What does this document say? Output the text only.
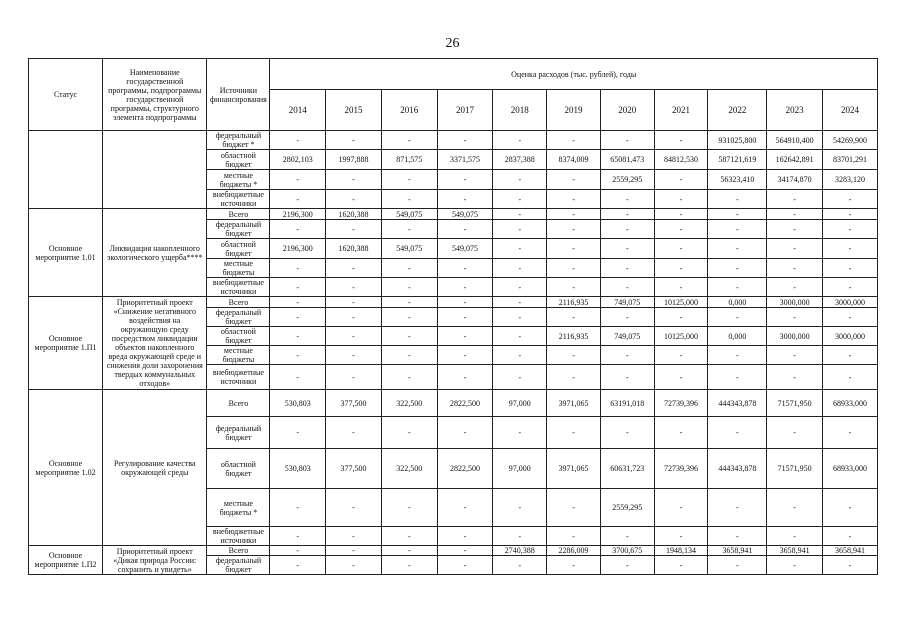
26
Статус	Наименование государственной программы, подпрограммы государственной программы, структурного элемента подпрограммы	Источники финансирования	Оценка расходов (тыс. рублей), годы										
			2014	2015	2016	2017	2018	2019	2020	2021	2022	2023	2024
		федеральный бюджет *	-	-	-	-	-	-	-	-	931025,800	564910,400	54269,900
		областной бюджет	2802,103	1997,888	871,575	3371,575	2837,388	8374,009	65081,473	84812,530	587121,619	162642,891	83701,291
		местные бюджеты *	-	-	-	-	-	-	2559,295	-	56323,410	34174,870	3283,120
		внебюджетные источники	-	-	-	-	-	-	-	-	-	-	-
Основное мероприятие 1.01	Ликвидация накопленного экологического ущерба****	Всего	2196,300	1620,388	549,075	549,075	-	-	-	-	-	-	-
		федеральный бюджет	-	-	-	-	-	-	-	-	-	-	-
		областной бюджет	2196,300	1620,388	549,075	549,075	-	-	-	-	-	-	-
		местные бюджеты	-	-	-	-	-	-	-	-	-	-	-
		внебюджетные источники	-	-	-	-	-	-	-	-	-	-	-
Основное мероприятие 1.П1	Приоритетный проект «Снижение негативного воздействия на окружающую среду посредством ликвидации объектов накопленного вреда окружающей среде и снижения доли захоронения твердых коммунальных отходов»	Всего	-	-	-	-	-	2116,935	749,075	10125,000	0,000	3000,000	3000,000
		федеральный бюджет	-	-	-	-	-	-	-	-	-	-	-
		областной бюджет	-	-	-	-	-	2116,935	749,075	10125,000	0,000	3000,000	3000,000
		местные бюджеты	-	-	-	-	-	-	-	-	-	-	-
		внебюджетные источники	-	-	-	-	-	-	-	-	-	-	-
Основное мероприятие 1.02	Регулирование качества окружающей среды	Всего	530,803	377,500	322,500	2822,500	97,000	3971,065	63191,018	72739,396	444343,878	71571,950	68933,000
		федеральный бюджет	-	-	-	-	-	-	-	-	-	-	-
		областной бюджет	530,803	377,500	322,500	2822,500	97,000	3971,065	60631,723	72739,396	444343,878	71571,950	68933,000
		местные бюджеты *	-	-	-	-	-	-	2559,295	-	-	-	-
		внебюджетные источники	-	-	-	-	-	-	-	-	-	-	-
Основное мероприятие 1.П2	Приоритетный проект «Дикая природа России: сохранить и увидеть»	Всего	-	-	-	-	2740,388	2286,009	3700,675	1948,134	3658,941	3658,941	3658,941
		федеральный бюджет	-	-	-	-	-	-	-	-	-	-	-
